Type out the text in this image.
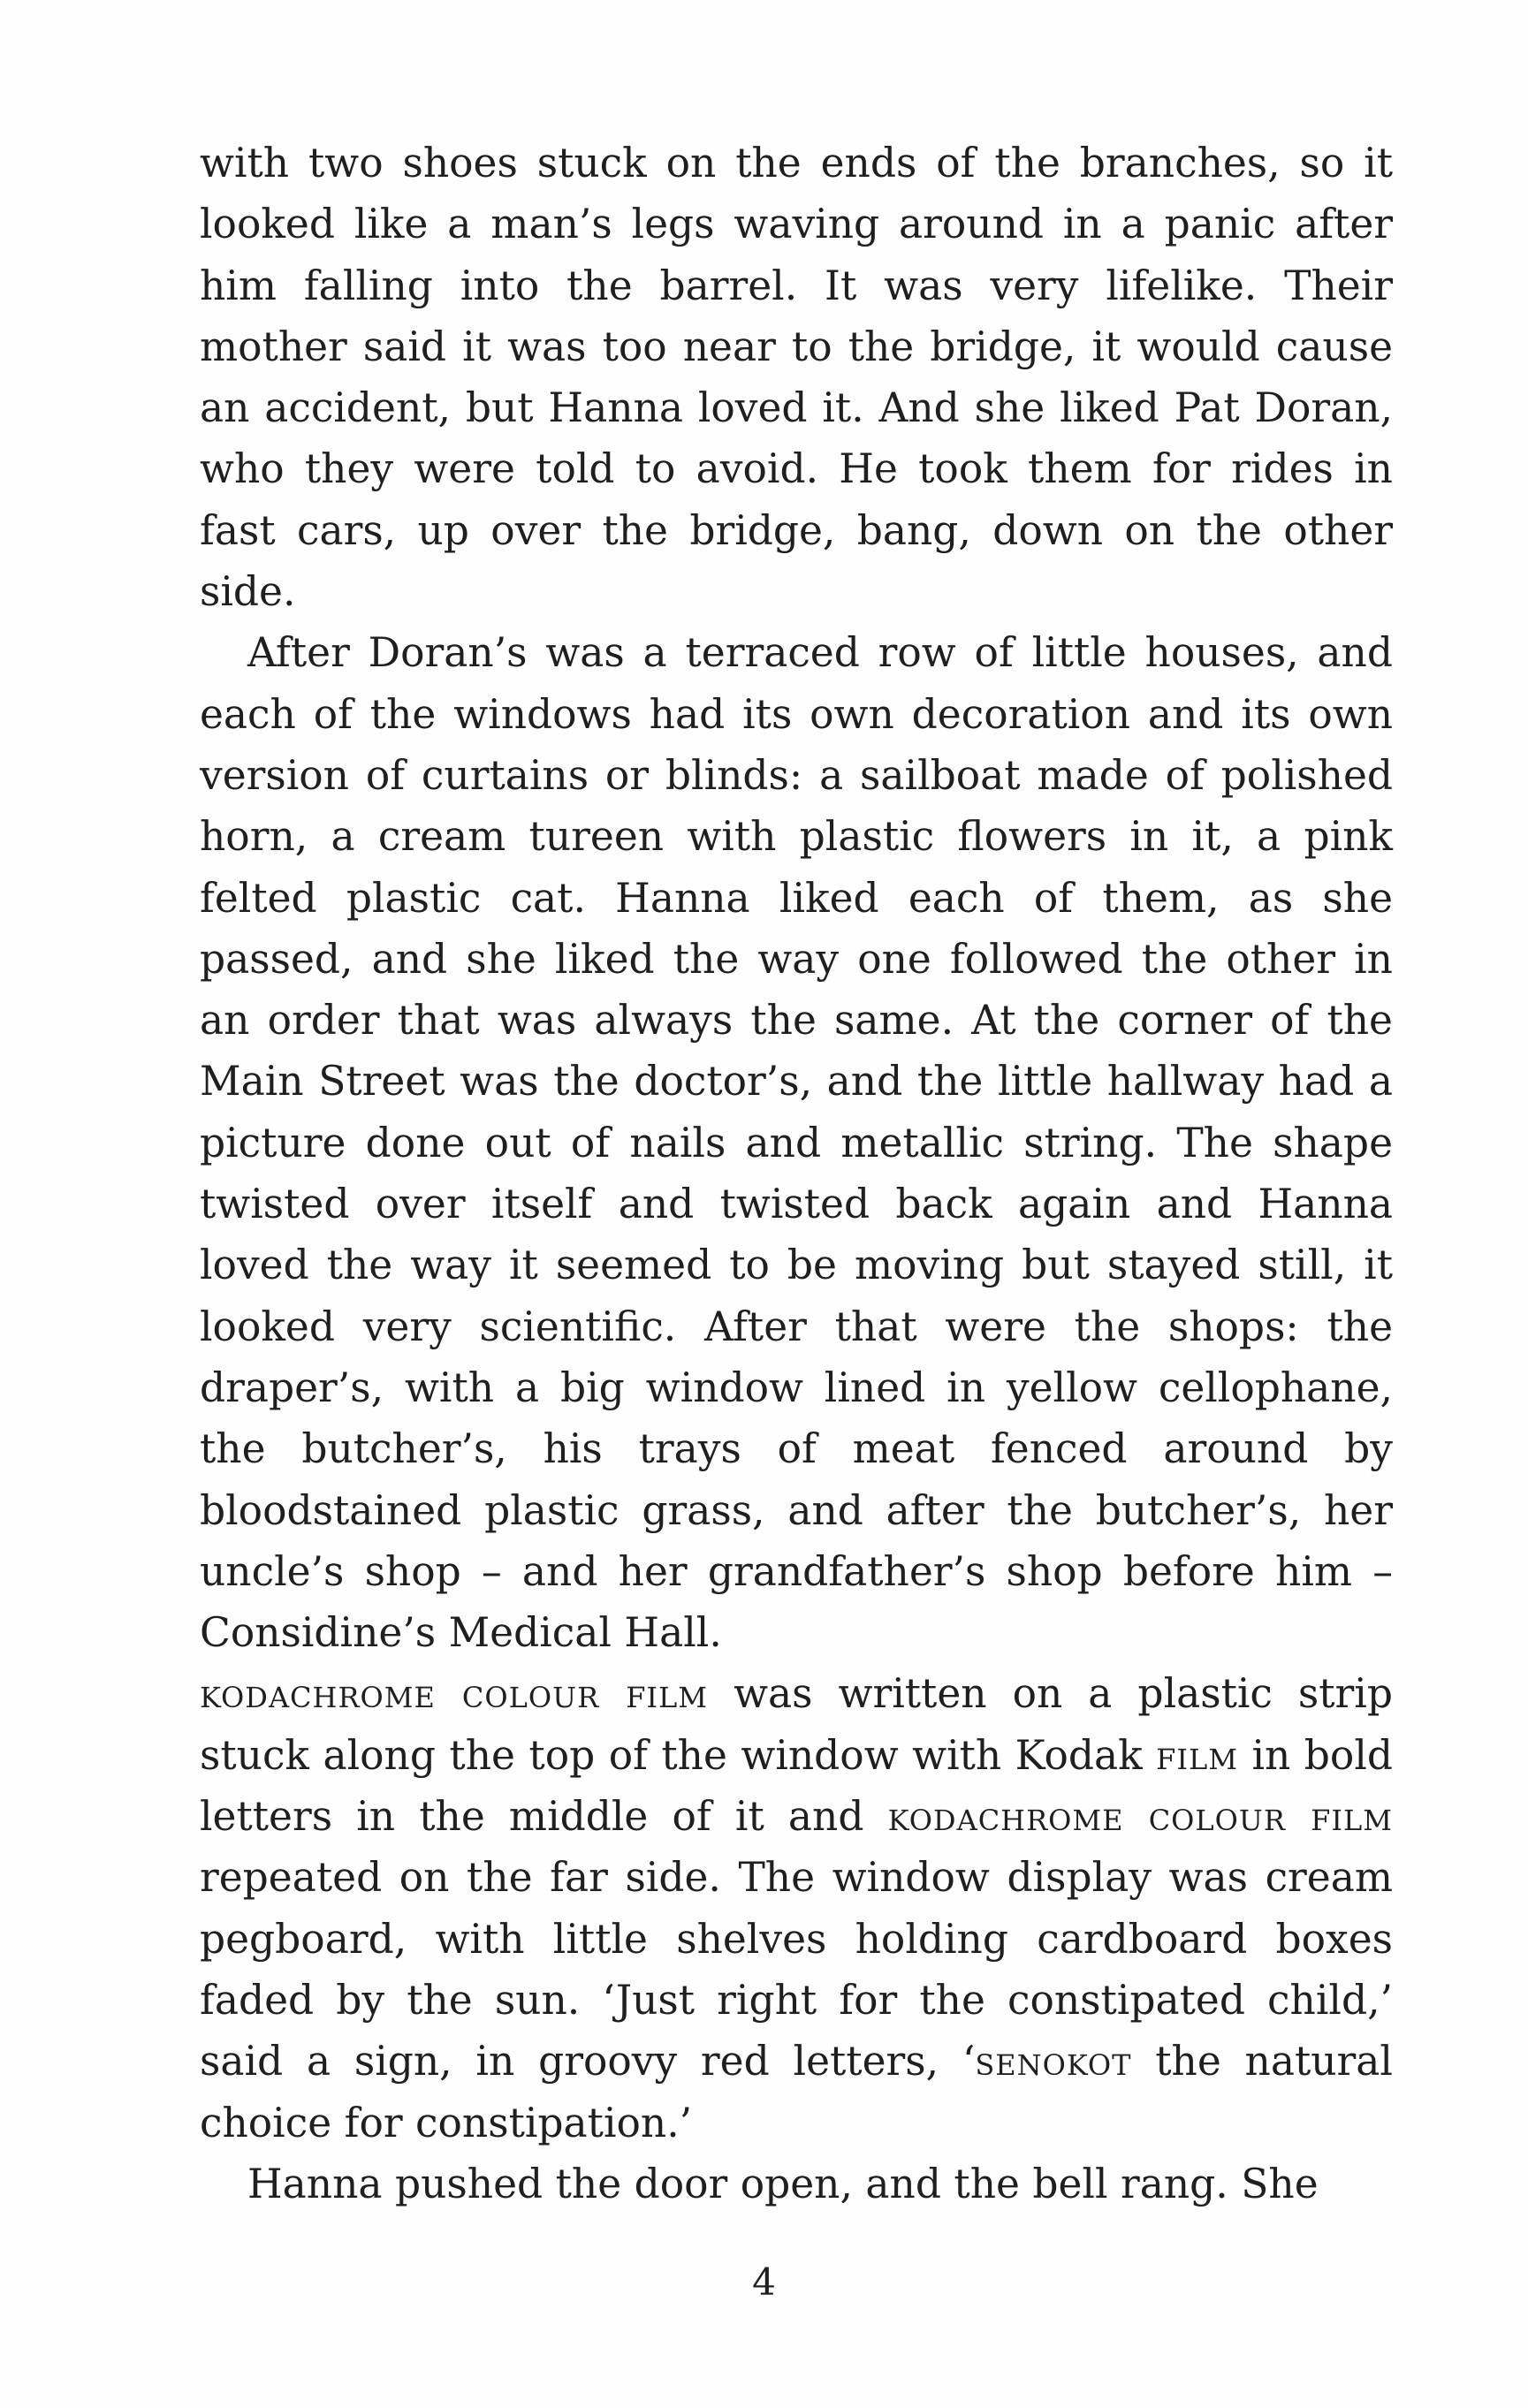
with two shoes stuck on the ends of the branches, so it looked like a man’s legs waving around in a panic after him falling into the barrel. It was very lifelike. Their mother said it was too near to the bridge, it would cause an accident, but Hanna loved it. And she liked Pat Doran, who they were told to avoid. He took them for rides in fast cars, up over the bridge, bang, down on the other side.

After Doran’s was a terraced row of little houses, and each of the windows had its own decoration and its own version of curtains or blinds: a sailboat made of polished horn, a cream tureen with plastic flowers in it, a pink felted plastic cat. Hanna liked each of them, as she passed, and she liked the way one followed the other in an order that was always the same. At the corner of the Main Street was the doctor’s, and the little hallway had a picture done out of nails and metallic string. The shape twisted over itself and twisted back again and Hanna loved the way it seemed to be moving but stayed still, it looked very scientific. After that were the shops: the draper’s, with a big window lined in yellow cellophane, the butcher’s, his trays of meat fenced around by bloodstained plastic grass, and after the butcher’s, her uncle’s shop – and her grandfather’s shop before him – Considine’s Medical Hall.

kodachrome colour film was written on a plastic strip stuck along the top of the window with Kodak film in bold letters in the middle of it and kodachrome colour film repeated on the far side. The window display was cream pegboard, with little shelves holding cardboard boxes faded by the sun. ‘Just right for the constipated child,’ said a sign, in groovy red letters, ‘senokot the natural choice for constipation.’

Hanna pushed the door open, and the bell rang. She

4
